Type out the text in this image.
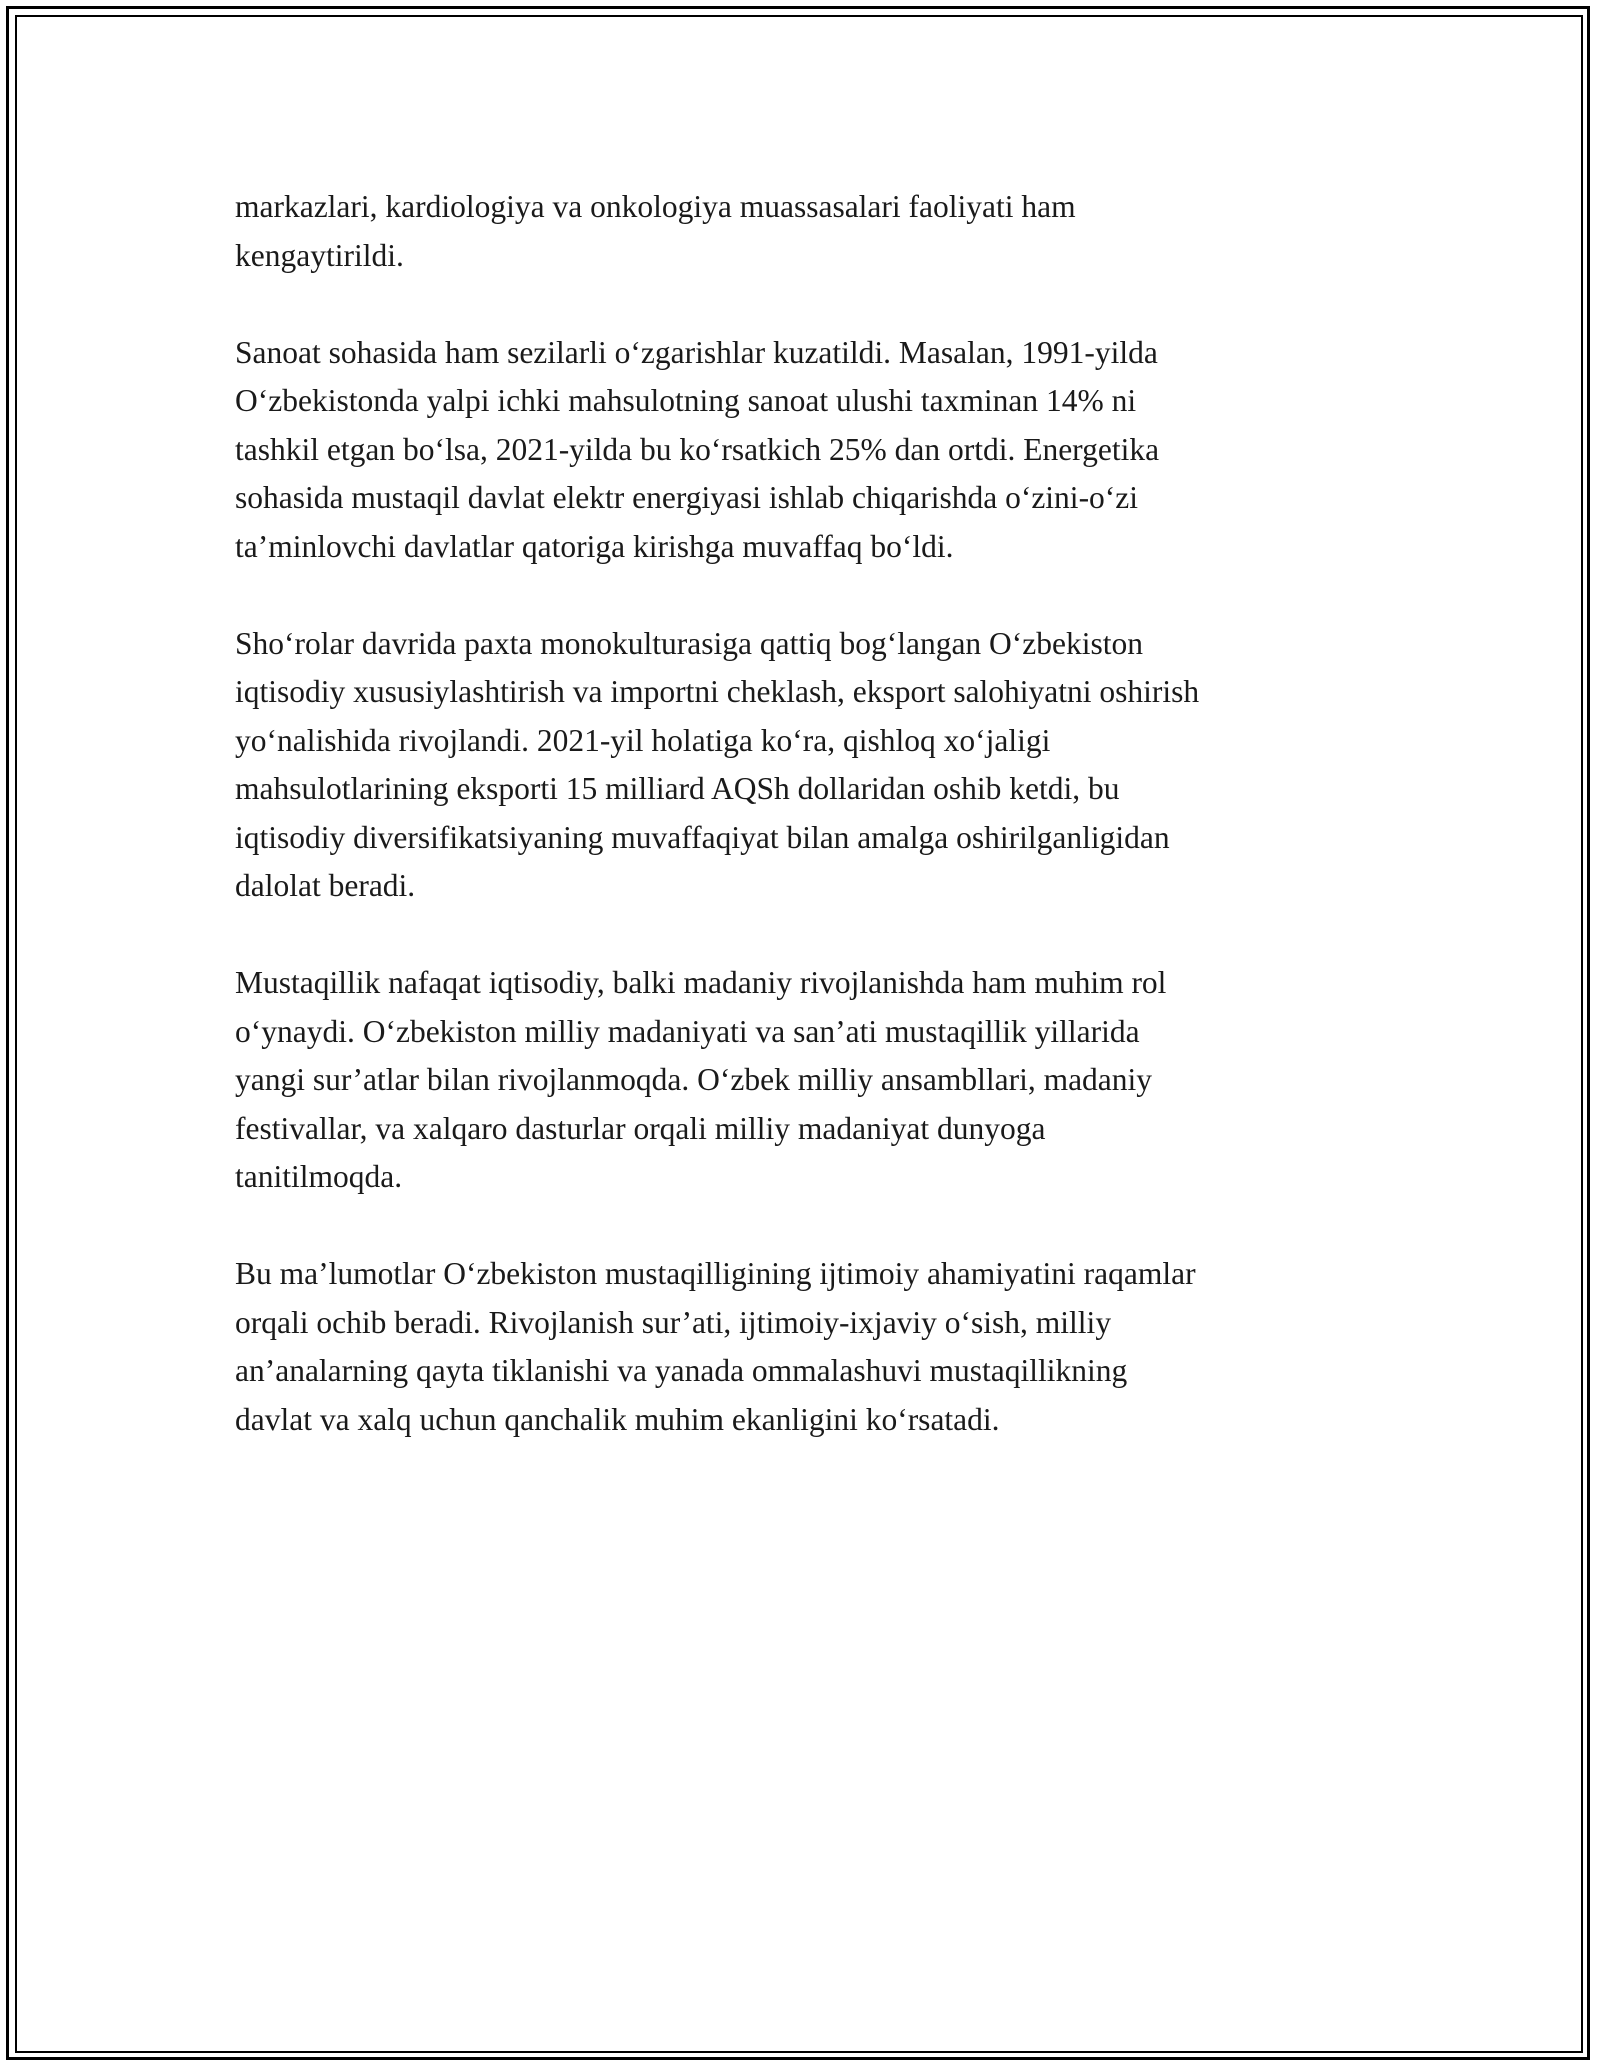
markazlari, kardiologiya va onkologiya muassasalari faoliyati ham
kengaytirildi.

Sanoat sohasida ham sezilarli o‘zgarishlar kuzatildi. Masalan, 1991-yilda
O‘zbekistonda yalpi ichki mahsulotning sanoat ulushi taxminan 14% ni
tashkil etgan bo‘lsa, 2021-yilda bu ko‘rsatkich 25% dan ortdi. Energetika
sohasida mustaqil davlat elektr energiyasi ishlab chiqarishda o‘zini-o‘zi
ta’minlovchi davlatlar qatoriga kirishga muvaffaq bo‘ldi.

Sho‘rolar davrida paxta monokulturasiga qattiq bog‘langan O‘zbekiston
iqtisodiy xususiylashtirish va importni cheklash, eksport salohiyatni oshirish
yo‘nalishida rivojlandi. 2021-yil holatiga ko‘ra, qishloq xo‘jaligi
mahsulotlarining eksporti 15 milliard AQSh dollaridan oshib ketdi, bu
iqtisodiy diversifikatsiyaning muvaffaqiyat bilan amalga oshirilganligidan
dalolat beradi.

Mustaqillik nafaqat iqtisodiy, balki madaniy rivojlanishda ham muhim rol
o‘ynaydi. O‘zbekiston milliy madaniyati va san’ati mustaqillik yillarida
yangi sur’atlar bilan rivojlanmoqda. O‘zbek milliy ansambllari, madaniy
festivallar, va xalqaro dasturlar orqali milliy madaniyat dunyoga
tanitilmoqda.

Bu ma’lumotlar O‘zbekiston mustaqilligining ijtimoiy ahamiyatini raqamlar
orqali ochib beradi. Rivojlanish sur’ati, ijtimoiy-ixjaviy o‘sish, milliy
an’analarning qayta tiklanishi va yanada ommalashuvi mustaqillikning
davlat va xalq uchun qanchalik muhim ekanligini ko‘rsatadi.
